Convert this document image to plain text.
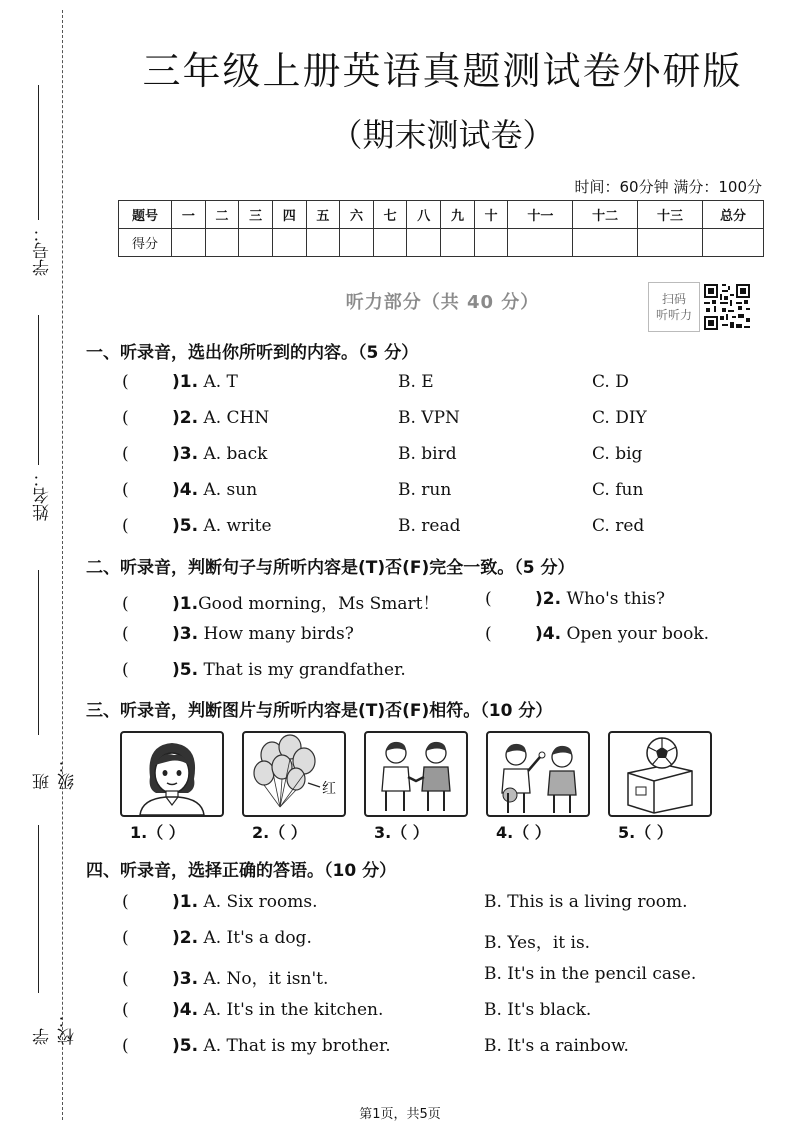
学号：
姓名：
班级：
学校：
三年级上册英语真题测试卷外研版
（期末测试卷）
时间：60分钟 满分：100分
题号	一	二	三	四	五	六	七	八	九	十	十一	十二	十三	总分
得分														
听力部分（共 40 分）	扫码
听听力
一、听录音，选出你所听到的内容。（5 分）
(	)1. A. T	B. E	C. D
(	)2. A. CHN	B. VPN	C. DIY
(	)3. A. back	B. bird	C. big
(	)4. A. sun	B. run	C. fun
(	)5. A. write	B. read	C. red
二、听录音，判断句子与所听内容是(T)否(F)完全一致。（5 分）
(	)1.Good morning，Ms Smart！	(	)2. Who's this?
(	)3. How many birds?	(	)4. Open your book.
(	)5. That is my grandfather.
三、听录音，判断图片与所听内容是(T)否(F)相符。（10 分）
红
1.（ ）	2.（ ）	3.（ ）	4.（ ）	5.（ ）
四、听录音，选择正确的答语。（10 分）
(	)1. A. Six rooms.	B. This is a living room.
(	)2. A. It's a dog.	B. Yes，it is.
(	)3. A. No，it isn't.	B. It's in the pencil case.
(	)4. A. It's in the kitchen.	B. It's black.
(	)5. A. That is my brother.	B. It's a rainbow.
第1页，共5页
